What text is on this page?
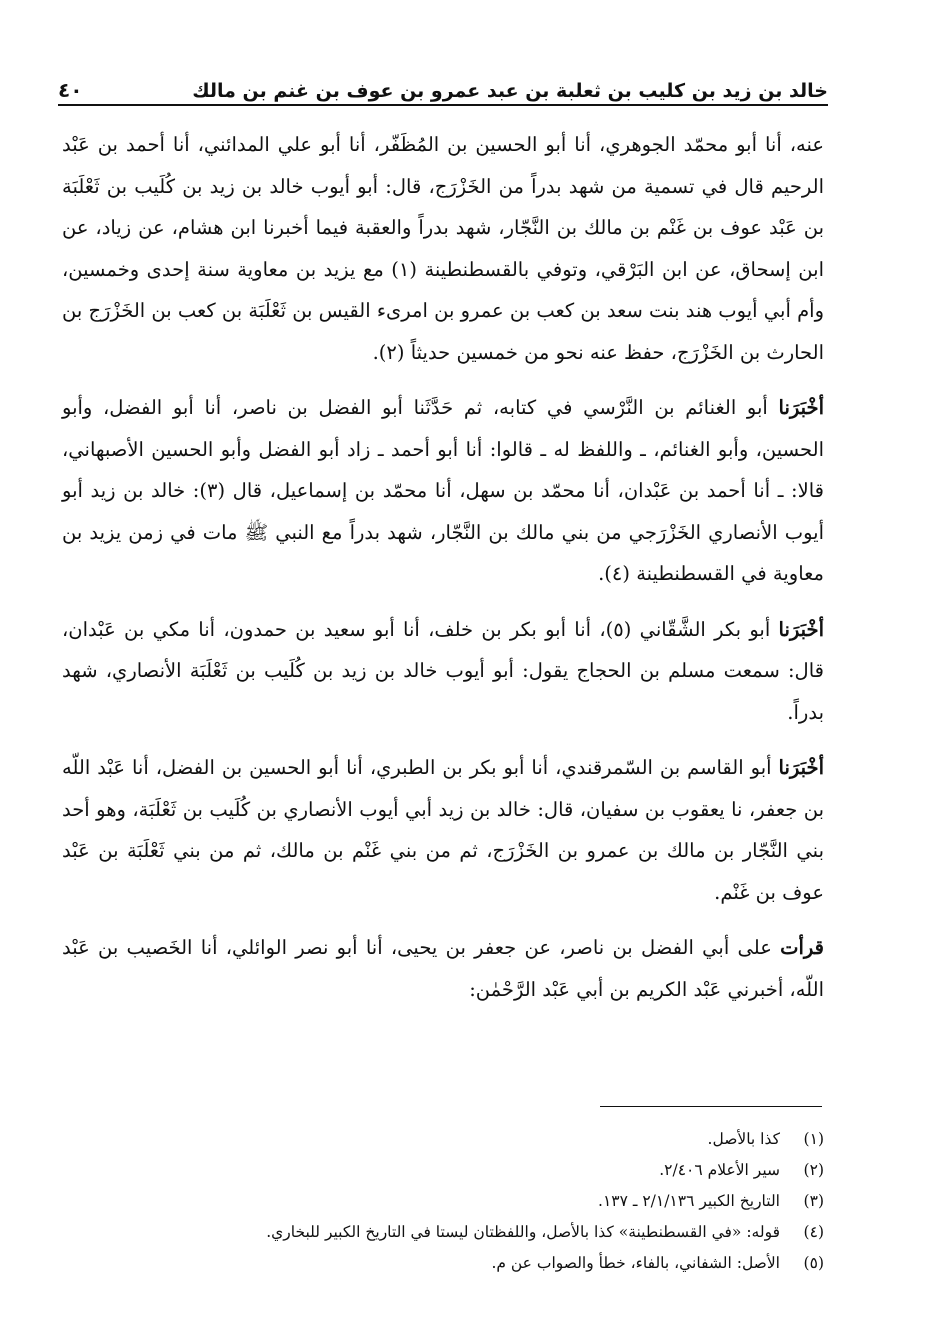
خالد بن زيد بن كليب بن ثعلبة بن عبد عمرو بن عوف بن غنم بن مالك
٤٠

عنه، أنا أبو محمّد الجوهري، أنا أبو الحسين بن المُظَفّر، أنا أبو علي المدائني، أنا أحمد بن عَبْد الرحيم قال في تسمية من شهد بدراً من الخَزْرَج، قال: أبو أيوب خالد بن زيد بن كُلَيب بن ثَعْلَبَة بن عَبْد عوف بن غَنْم بن مالك بن النَّجّار، شهد بدراً والعقبة فيما أخبرنا ابن هشام، عن زياد، عن ابن إسحاق، عن ابن البَرْقي، وتوفي بالقسطنطينة (١) مع يزيد بن معاوية سنة إحدى وخمسين، وأم أبي أيوب هند بنت سعد بن كعب بن عمرو بن امرىء القيس بن ثَعْلَبَة بن كعب بن الخَزْرَج بن الحارث بن الخَزْرَج، حفظ عنه نحو من خمسين حديثاً (٢).

أخْبَرَنا أبو الغنائم بن النَّرْسي في كتابه، ثم حَدَّثَنا أبو الفضل بن ناصر، أنا أبو الفضل، وأبو الحسين، وأبو الغنائم، ـ واللفظ له ـ قالوا: أنا أبو أحمد ـ زاد أبو الفضل وأبو الحسين الأصبهاني، قالا: ـ أنا أحمد بن عَبْدان، أنا محمّد بن سهل، أنا محمّد بن إسماعيل، قال (٣): خالد بن زيد أبو أيوب الأنصاري الخَزْرَجي من بني مالك بن النَّجّار، شهد بدراً مع النبي ﷺ مات في زمن يزيد بن معاوية في القسطنطينة (٤).

أخْبَرَنا أبو بكر الشَّقّاني (٥)، أنا أبو بكر بن خلف، أنا أبو سعيد بن حمدون، أنا مكي بن عَبْدان، قال: سمعت مسلم بن الحجاج يقول: أبو أيوب خالد بن زيد بن كُلَيب بن ثَعْلَبَة الأنصاري، شهد بدراً.

أخْبَرَنا أبو القاسم بن السّمرقندي، أنا أبو بكر بن الطبري، أنا أبو الحسين بن الفضل، أنا عَبْد اللّه بن جعفر، نا يعقوب بن سفيان، قال: خالد بن زيد أبي أيوب الأنصاري بن كُلَيب بن ثَعْلَبَة، وهو أحد بني النَّجّار بن مالك بن عمرو بن الخَزْرَج، ثم من بني غَنْم بن مالك، ثم من بني ثَعْلَبَة بن عَبْد عوف بن غَنْم.

قرأت على أبي الفضل بن ناصر، عن جعفر بن يحيى، أنا أبو نصر الوائلي، أنا الخَصيب بن عَبْد اللّه، أخبرني عَبْد الكريم بن أبي عَبْد الرَّحْمٰن:

(١)
كذا بالأصل.
(٢)
سير الأعلام ٢/٤٠٦.
(٣)
التاريخ الكبير ٢/١/١٣٦ ـ ١٣٧.
(٤)
قوله: «في القسطنطينة» كذا بالأصل، واللفظتان ليستا في التاريخ الكبير للبخاري.
(٥)
الأصل: الشفاني، بالفاء، خطأ والصواب عن م.
